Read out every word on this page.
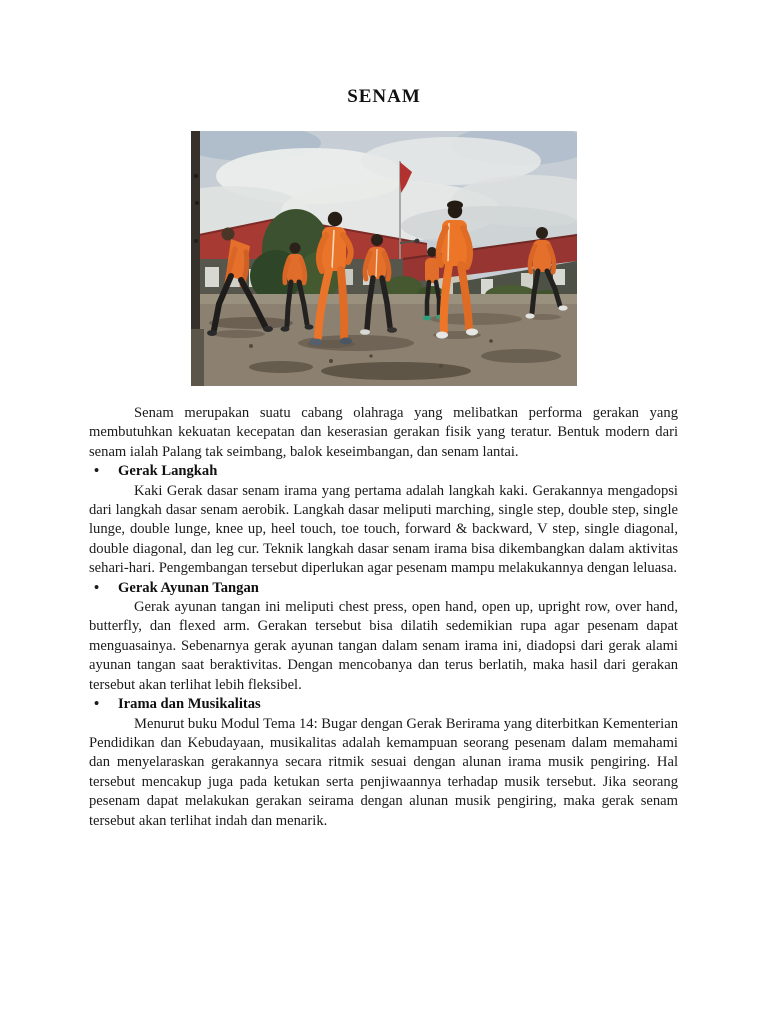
SENAM

Senam merupakan suatu cabang olahraga yang melibatkan performa gerakan yang membutuhkan kekuatan kecepatan dan keserasian gerakan fisik yang teratur. Bentuk modern dari senam ialah Palang tak seimbang, balok keseimbangan, dan senam lantai.

•	Gerak Langkah

Kaki Gerak dasar senam irama yang pertama adalah langkah kaki. Gerakannya mengadopsi dari langkah dasar senam aerobik. Langkah dasar meliputi marching, single step, double step, single lunge, double lunge, knee up, heel touch, toe touch, forward & backward, V step, single diagonal, double diagonal, dan leg cur. Teknik langkah dasar senam irama bisa dikembangkan dalam aktivitas sehari-hari. Pengembangan tersebut diperlukan agar pesenam mampu melakukannya dengan leluasa.

•	Gerak Ayunan Tangan

Gerak ayunan tangan ini meliputi chest press, open hand, open up, upright row, over hand, butterfly, dan flexed arm. Gerakan tersebut bisa dilatih sedemikian rupa agar pesenam dapat menguasainya. Sebenarnya gerak ayunan tangan dalam senam irama ini, diadopsi dari gerak alami ayunan tangan saat beraktivitas. Dengan mencobanya dan terus berlatih, maka hasil dari gerakan tersebut akan terlihat lebih fleksibel.

•	Irama dan Musikalitas

Menurut buku Modul Tema 14: Bugar dengan Gerak Berirama yang diterbitkan Kementerian Pendidikan dan Kebudayaan, musikalitas adalah kemampuan seorang pesenam dalam memahami dan menyelaraskan gerakannya secara ritmik sesuai dengan alunan irama musik pengiring. Hal tersebut mencakup juga pada ketukan serta penjiwaannya terhadap musik tersebut. Jika seorang pesenam dapat melakukan gerakan seirama dengan alunan musik pengiring, maka gerak senam tersebut akan terlihat indah dan menarik.
